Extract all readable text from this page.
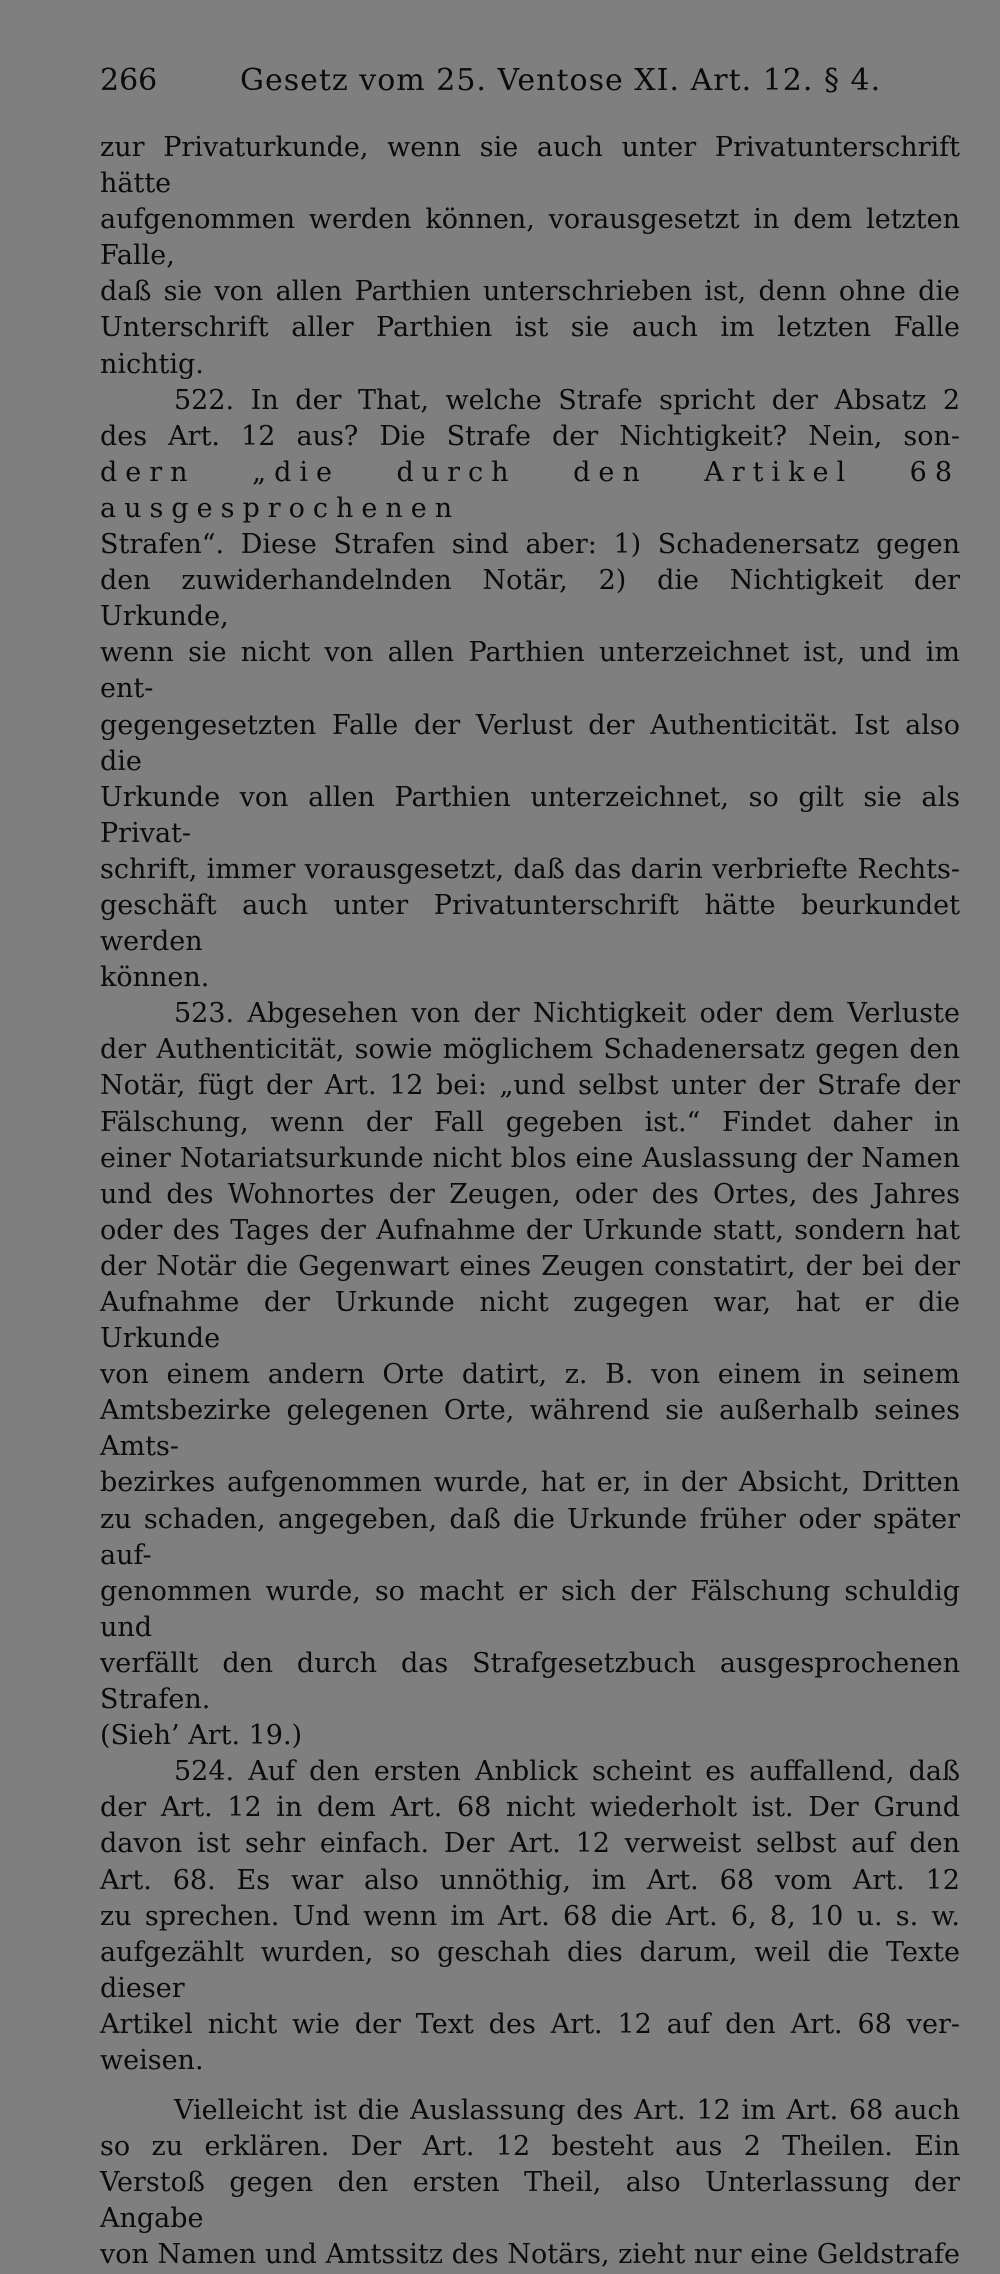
266	Gesetz vom 25. Ventose XI. Art. 12. § 4.

zur Privaturkunde, wenn sie auch unter Privatunterschrift hätte

aufgenommen werden können, vorausgesetzt in dem letzten Falle,

daß sie von allen Parthien unterschrieben ist, denn ohne die

Unterschrift aller Parthien ist sie auch im letzten Falle nichtig.

522. In der That, welche Strafe spricht der Absatz 2

des Art. 12 aus? Die Strafe der Nichtigkeit? Nein, son-

dern „die durch den Artikel 68 ausgesprochenen

Strafen“. Diese Strafen sind aber: 1) Schadenersatz gegen

den zuwiderhandelnden Notär, 2) die Nichtigkeit der Urkunde,

wenn sie nicht von allen Parthien unterzeichnet ist, und im ent-

gegengesetzten Falle der Verlust der Authenticität. Ist also die

Urkunde von allen Parthien unterzeichnet, so gilt sie als Privat-

schrift, immer vorausgesetzt, daß das darin verbriefte Rechts-

geschäft auch unter Privatunterschrift hätte beurkundet werden

können.

523. Abgesehen von der Nichtigkeit oder dem Verluste

der Authenticität, sowie möglichem Schadenersatz gegen den

Notär, fügt der Art. 12 bei: „und selbst unter der Strafe der

Fälschung, wenn der Fall gegeben ist.“ Findet daher in

einer Notariatsurkunde nicht blos eine Auslassung der Namen

und des Wohnortes der Zeugen, oder des Ortes, des Jahres

oder des Tages der Aufnahme der Urkunde statt, sondern hat

der Notär die Gegenwart eines Zeugen constatirt, der bei der

Aufnahme der Urkunde nicht zugegen war, hat er die Urkunde

von einem andern Orte datirt, z. B. von einem in seinem

Amtsbezirke gelegenen Orte, während sie außerhalb seines Amts-

bezirkes aufgenommen wurde, hat er, in der Absicht, Dritten

zu schaden, angegeben, daß die Urkunde früher oder später auf-

genommen wurde, so macht er sich der Fälschung schuldig und

verfällt den durch das Strafgesetzbuch ausgesprochenen Strafen.

(Sieh’ Art. 19.)

524. Auf den ersten Anblick scheint es auffallend, daß

der Art. 12 in dem Art. 68 nicht wiederholt ist. Der Grund

davon ist sehr einfach. Der Art. 12 verweist selbst auf den

Art. 68. Es war also unnöthig, im Art. 68 vom Art. 12

zu sprechen. Und wenn im Art. 68 die Art. 6, 8, 10 u. s. w.

aufgezählt wurden, so geschah dies darum, weil die Texte dieser

Artikel nicht wie der Text des Art. 12 auf den Art. 68 ver-

weisen.

Vielleicht ist die Auslassung des Art. 12 im Art. 68 auch

so zu erklären. Der Art. 12 besteht aus 2 Theilen. Ein

Verstoß gegen den ersten Theil, also Unterlassung der Angabe

von Namen und Amtssitz des Notärs, zieht nur eine Geldstrafe
